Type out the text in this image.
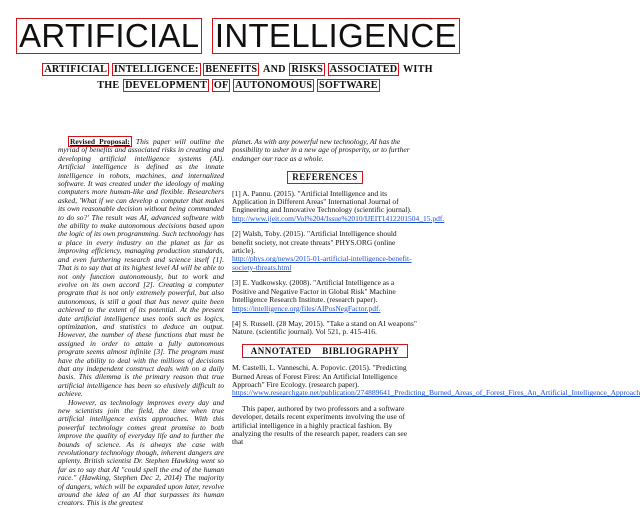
ARTIFICIAL INTELLIGENCE
ARTIFICIAL INTELLIGENCE: BENEFITS AND RISKS ASSOCIATED WITH THE DEVELOPMENT OF AUTONOMOUS SOFTWARE

Revised Proposal: This paper will outline the myriad of benefits and associated risks in creating and developing artificial intelligence systems (AI). Artificial intelligence is defined as the innate intelligence in robots, machines, and internalized software. It was created under the ideology of making computers more human-like and flexible. Researchers asked, 'What if we can develop a computer that makes its own reasonable decision without being commanded to do so?' The result was AI, advanced software with the ability to make autonomous decisions based upon the logic of its own programming. Such technology has a place in every industry on the planet as far as improving efficiency, managing production standards, and even furthering research and science itself [1]. That is to say that at its highest level AI will be able to not only function autonomously, but to work and evolve on its own accord [2]. Creating a computer program that is not only extremely powerful, but also autonomous, is still a goal that has never quite been achieved to the extent of its potential. At the present date artificial intelligence uses tools such as logics, optimization, and statistics to deduce an output. However, the number of these functions that must be assigned in order to attain a fully autonomous program seems almost infinite [3]. The program must have the ability to deal with the millions of decisions that any independent construct deals with on a daily basis. This dilemma is the primary reason that true artificial intelligence has been so elusively difficult to achieve.

However, as technology improves every day and new scientists join the field, the time when true artificial intelligence exists approaches. With this powerful technology comes great promise to both improve the quality of everyday life and to further the bounds of science. As is always the case with revolutionary technology though, inherent dangers are aplenty. British scientist Dr. Stephen Hawking went so far as to say that AI "could spell the end of the human race." (Hawking, Stephen Dec 2, 2014) The majority of dangers, which will be expanded upon later, revolve around the idea of an AI that surpasses its human creators. This is the greatest

planet. As with any powerful new technology, AI has the possibility to usher in a new age of prosperity, or to further endanger our race as a whole.

REFERENCES

[1] A. Pannu. (2015). "Artificial Intelligence and its Application in Different Areas" International Journal of Engineering and Innovative Technology (scientific journal).
http://www.ijeit.com/Vol%204/Issue%2010/IJEIT1412201504_15.pdf.

[2] Walsh, Toby. (2015). "Artificial Intelligence should benefit society, not create threats" PHYS.ORG (online article).
http://phys.org/news/2015-01-artificial-intelligence-benefit-society-threats.html

[3] E. Yudkowsky. (2008). "Artificial Intelligence as a Positive and Negative Factor in Global Risk" Machine Intelligence Research Institute. (research paper).
https://intelligence.org/files/AIPosNegFactor.pdf.

[4] S. Russell. (28 May, 2015). "Take a stand on AI weapons" Nature. (scientific journal). Vol 521, p. 415-416.

ANNOTATED BIBLIOGRAPHY

M. Castelli, L. Vanneschi, A. Popovic. (2015). "Predicting Burned Areas of Forest Fires: An Artificial Intelligence Approach" Fire Ecology. (research paper).
https://www.researchgate.net/publication/274889641_Predicting_Burned_Areas_of_Forest_Fires_An_Artificial_Intelligence_Approach

This paper, authored by two professors and a software developer, details recent experiments involving the use of artificial intelligence in a highly practical fashion. By analyzing the results of the research paper, readers can see that
